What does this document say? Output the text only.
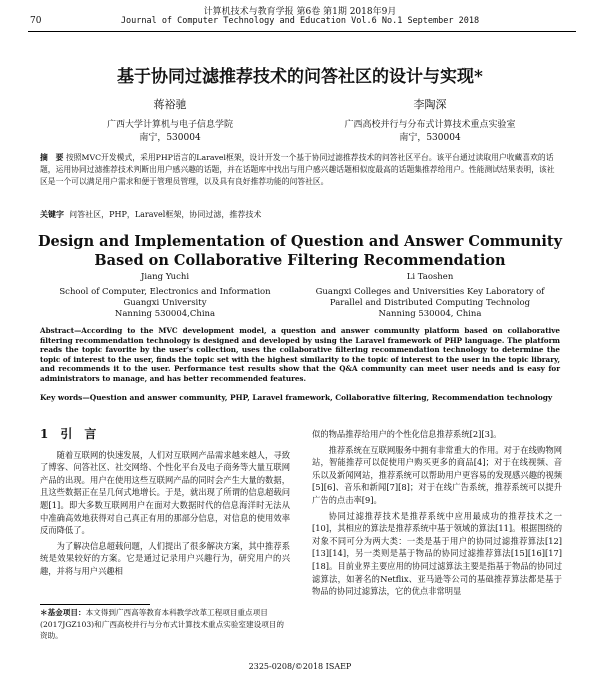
计算机技术与教育学报 第6卷 第1期 2018年9月
70	Journal of Computer Technology and Education Vol.6 No.1 September 2018
基于协同过滤推荐技术的问答社区的设计与实现*
蒋裕驰
广西大学计算机与电子信息学院
南宁，530004
李陶深
广西高校并行与分布式计算技术重点实验室
南宁，530004
摘　要 按照MVC开发模式，采用PHP语言的Laravel框架，设计开发一个基于协同过滤推荐技术的问答社区平台。该平台通过读取用户收藏喜欢的话题，运用协同过滤推荐技术判断出用户感兴趣的话题，并在话题库中找出与用户感兴趣话题相似度最高的话题集推荐给用户。性能测试结果表明，该社区是一个可以满足用户需求和便于管理员管理，以及具有良好推荐功能的问答社区。
关键字 问答社区，PHP，Laravel框架，协同过滤，推荐技术
Design and Implementation of Question and Answer Community Based on Collaborative Filtering Recommendation
Jiang Yuchi
School of Computer, Electronics and Information
Guangxi University
Nanning 530004,China
Li Taoshen
Guangxi Colleges and Universities Key Laboratory of
Parallel and Distributed Computing Technolog
Nanning 530004, China
Abstract—According to the MVC development model, a question and answer community platform based on collaborative filtering recommendation technology is designed and developed by using the Laravel framework of PHP language. The platform reads the topic favorite by the user's collection, uses the collaborative filtering recommendation technology to determine the topic of interest to the user, finds the topic set with the highest similarity to the topic of interest to the user in the topic library, and recommends it to the user. Performance test results show that the Q&A community can meet user needs and is easy for administrators to manage, and has better recommended features.
Key words—Question and answer community, PHP, Laravel framework, Collaborative filtering, Recommendation technology
1　引　言

随着互联网的快速发展，人们对互联网产品需求越来越人，寻致了博客、问答社区、社交网络、个性化平台及电子商务等大量互联网产品的出现。用户在使用这些互联网产品的同时会产生大量的数据，且这些数据正在呈几何式地增长。于是，就出现了所谓的信息超载问题[1]。即大多数互联网用户在面对大数据时代的信息海洋时无法从中准确高效地获得对自己真正有用的那部分信息，对信息的使用效率反而降低了。

为了解决信息超载问题，人们提出了很多解决方案，其中推荐系统是效果较好的方案。它是通过记录用户兴趣行为，研究用户的兴趣，并将与用户兴趣相

似的物品推荐给用户的个性化信息推荐系统[2][3]。

推荐系统在互联网服务中拥有非常重大的作用。对于在线购物网站，智能推荐可以促使用户购买更多的商品[4]；对于在线视频、音乐以及新闻网站，推荐系统可以帮助用户更容易的发现感兴趣的视频[5][6]、音乐和新闻[7][8]；对于在线广告系统，推荐系统可以提升广告的点击率[9]。

协同过滤推荐技术是推荐系统中应用最成功的推荐技术之一[10]，其相应的算法是推荐系统中基于领域的算法[11]。根据围绕的对象不同可分为两大类：一类是基于用户的协同过滤推荐算法[12][13][14]，另一类则是基于物品的协同过滤推荐算法[15][16][17][18]。目前业界主要应用的协同过滤算法主要是指基于物品的协同过滤算法，如著名的Netflix、亚马逊等公司的基础推荐算法都是基于物品的协同过滤算法，它的优点非常明显

＊基金项目：本文得到广西高等教育本科教学改革工程项目重点项目(2017JGZ103)和广西高校并行与分布式计算技术重点实验室建设项目的资助。
2325-0208/©2018 ISAEP
